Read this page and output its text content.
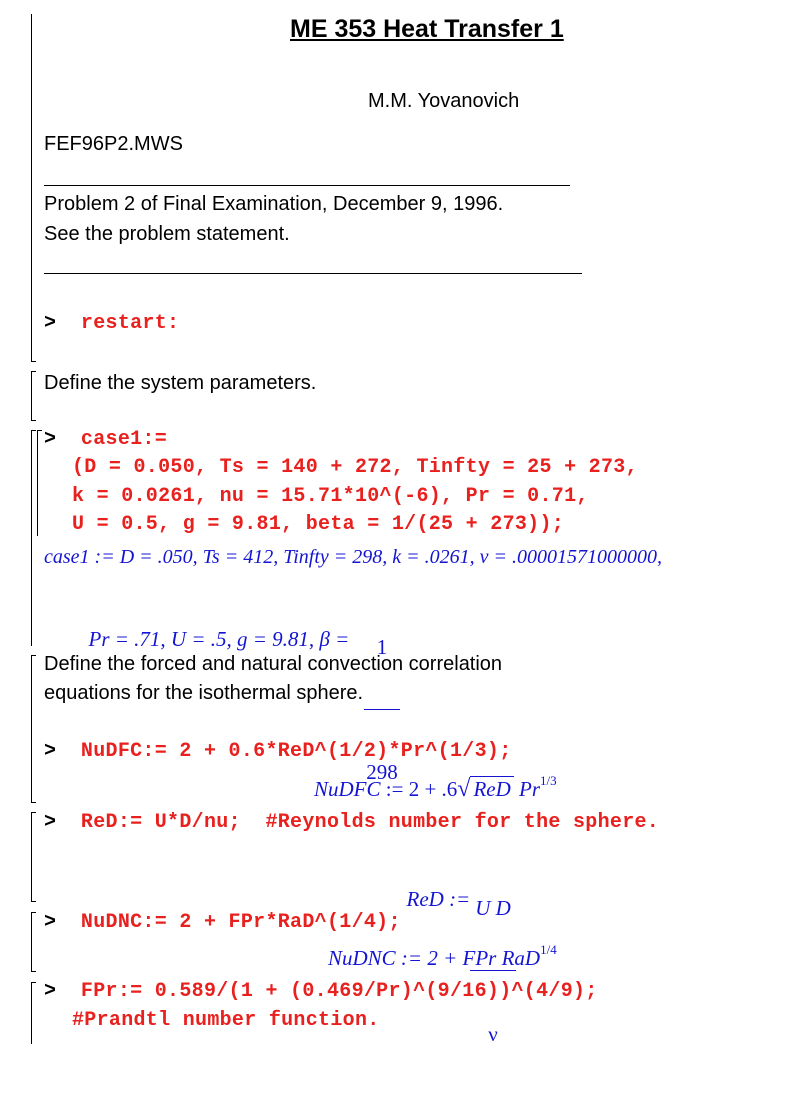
ME 353 Heat Transfer 1
M.M. Yovanovich
FEF96P2.MWS
Problem 2 of Final Examination, December 9, 1996.
See the problem statement.
> restart:
Define the system parameters.
> case1:=
(D = 0.050, Ts = 140 + 272, Tinfty = 25 + 273,
k = 0.0261, nu = 15.71*10^(-6), Pr = 0.71,
U = 0.5, g = 9.81, beta = 1/(25 + 273));
case1 := D = .050, Ts = 412, Tinfty = 298, k = .0261, ν = .00001571000000,

Pr = .71, U = .5, g = 9.81, β =

	1

298

Define the forced and natural convection correlation
equations for the isothermal sphere.
> NuDFC:= 2 + 0.6*ReD^(1/2)*Pr^(1/3);
NuDFC := 2 + .6√ ReD $Pr^{1/3}$
> ReD:= U*D/nu;  #Reynolds number for the sphere.

ReD :=

U D

ν

> NuDNC:= 2 + FPr*RaD^(1/4);
NuDNC := 2 + FPr RaD$^{1/4}$
> FPr:= 0.589/(1 + (0.469/Pr)^(9/16))^(4/9);
#Prandtl number function.
